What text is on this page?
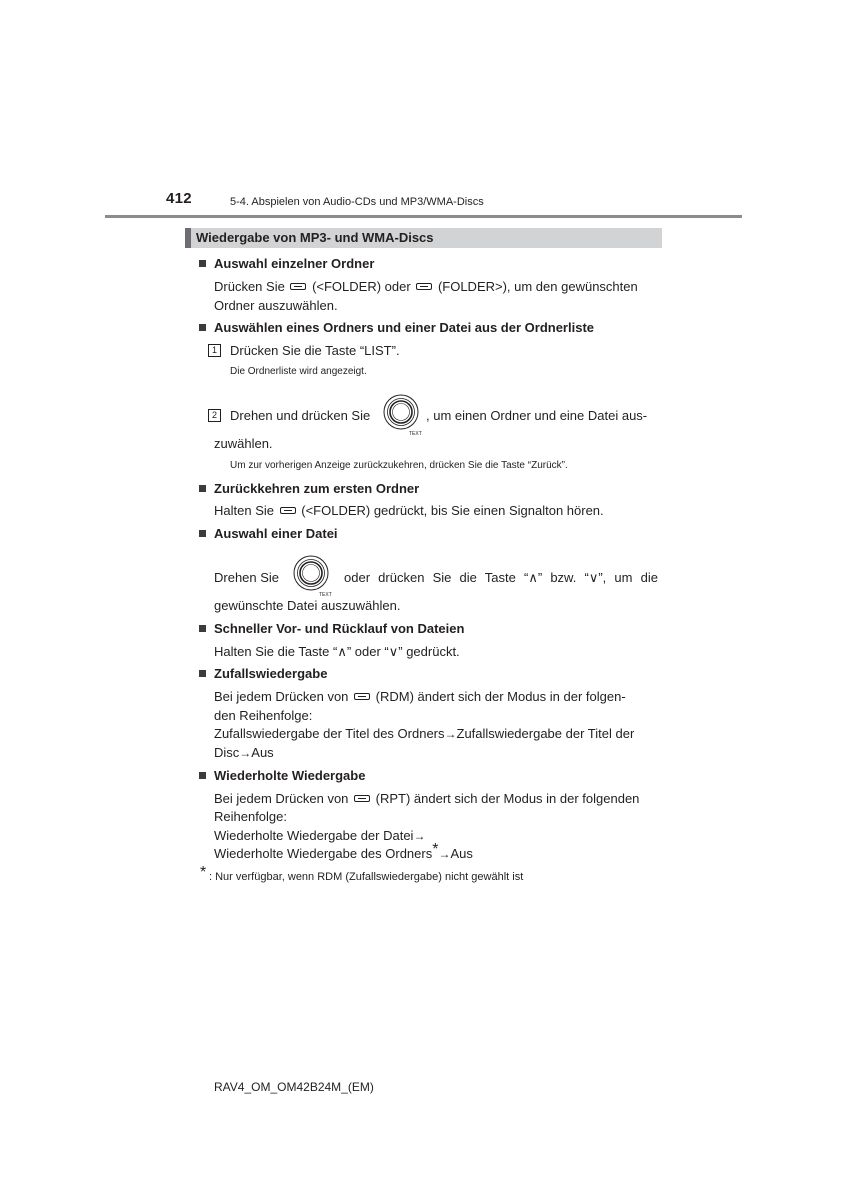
412	5-4. Abspielen von Audio-CDs und MP3/WMA-Discs
Wiedergabe von MP3- und WMA-Discs
Auswahl einzelner Ordner
Drücken Sie (<FOLDER) oder (FOLDER>), um den gewünschten
Ordner auszuwählen.
Auswählen eines Ordners und einer Datei aus der Ordnerliste
1	Drücken Sie die Taste “LIST”.
Die Ordnerliste wird angezeigt.
2	Drehen und drücken Sie
TEXT
, um einen Ordner und eine Datei aus-
zuwählen.
Um zur vorherigen Anzeige zurückzukehren, drücken Sie die Taste “Zurück”.
Zurückkehren zum ersten Ordner
Halten Sie (<FOLDER) gedrückt, bis Sie einen Signalton hören.
Auswahl einer Datei
Drehen Sie
TEXT
oder drücken Sie die Taste “∧” bzw. “∨”, um die
gewünschte Datei auszuwählen.
Schneller Vor- und Rücklauf von Dateien
Halten Sie die Taste “∧” oder “∨” gedrückt.
Zufallswiedergabe
Bei jedem Drücken von (RDM) ändert sich der Modus in der folgen-
den Reihenfolge:
Zufallswiedergabe der Titel des Ordners→Zufallswiedergabe der Titel der
Disc→Aus
Wiederholte Wiedergabe
Bei jedem Drücken von (RPT) ändert sich der Modus in der folgenden
Reihenfolge:
Wiederholte Wiedergabe der Datei→
Wiederholte Wiedergabe des Ordners*→Aus
* : Nur verfügbar, wenn RDM (Zufallswiedergabe) nicht gewählt ist
RAV4_OM_OM42B24M_(EM)
